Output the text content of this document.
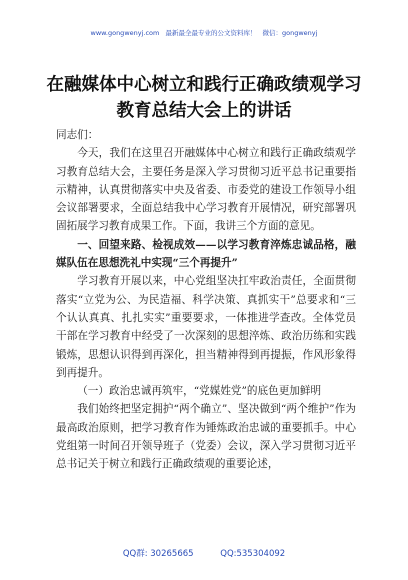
www.gongwenyj.com 最新最全最专业的公文资料库！ 微信：gongwenyj
在融媒体中心树立和践行正确政绩观学习
教育总结大会上的讲话

同志们：

今天，我们在这里召开融媒体中心树立和践行正确政绩观学习教育总结大会，主要任务是深入学习贯彻习近平总书记重要指示精神，认真贯彻落实中央及省委、市委党的建设工作领导小组会议部署要求，全面总结我中心学习教育开展情况，研究部署巩固拓展学习教育成果工作。下面，我讲三个方面的意见。

一、回望来路、检视成效——以学习教育淬炼忠诚品格，融媒队伍在思想洗礼中实现“三个再提升”

学习教育开展以来，中心党组坚决扛牢政治责任，全面贯彻落实“立党为公、为民造福、科学决策、真抓实干”总要求和“三个认认真真、扎扎实实”重要要求，一体推进学查改。全体党员干部在学习教育中经受了一次深刻的思想淬炼、政治历练和实践锻炼，思想认识得到再深化，担当精神得到再提振，作风形象得到再提升。

（一）政治忠诚再筑牢，“党媒姓党”的底色更加鲜明

我们始终把坚定拥护“两个确立”、坚决做到“两个维护”作为最高政治原则，把学习教育作为锤炼政治忠诚的重要抓手。中心党组第一时间召开领导班子（党委）会议，深入学习贯彻习近平总书记关于树立和践行正确政绩观的重要论述，

QQ群: 30265665	QQ:535304092
